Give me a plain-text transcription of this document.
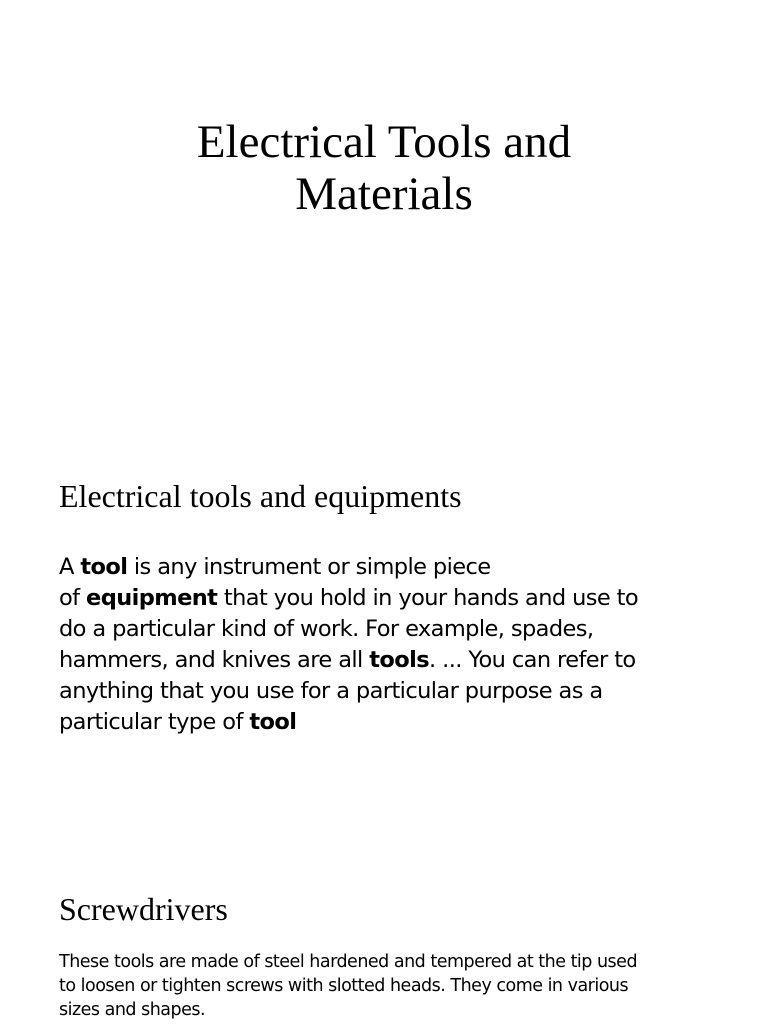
Electrical Tools and
Materials
Electrical tools and equipments

A tool is any instrument or simple piece
of equipment that you hold in your hands and use to
do a particular kind of work. For example, spades,
hammers, and knives are all tools. ... You can refer to
anything that you use for a particular purpose as a
particular type of tool

Screwdrivers

These tools are made of steel hardened and tempered at the tip used
to loosen or tighten screws with slotted heads. They come in various
sizes and shapes.
